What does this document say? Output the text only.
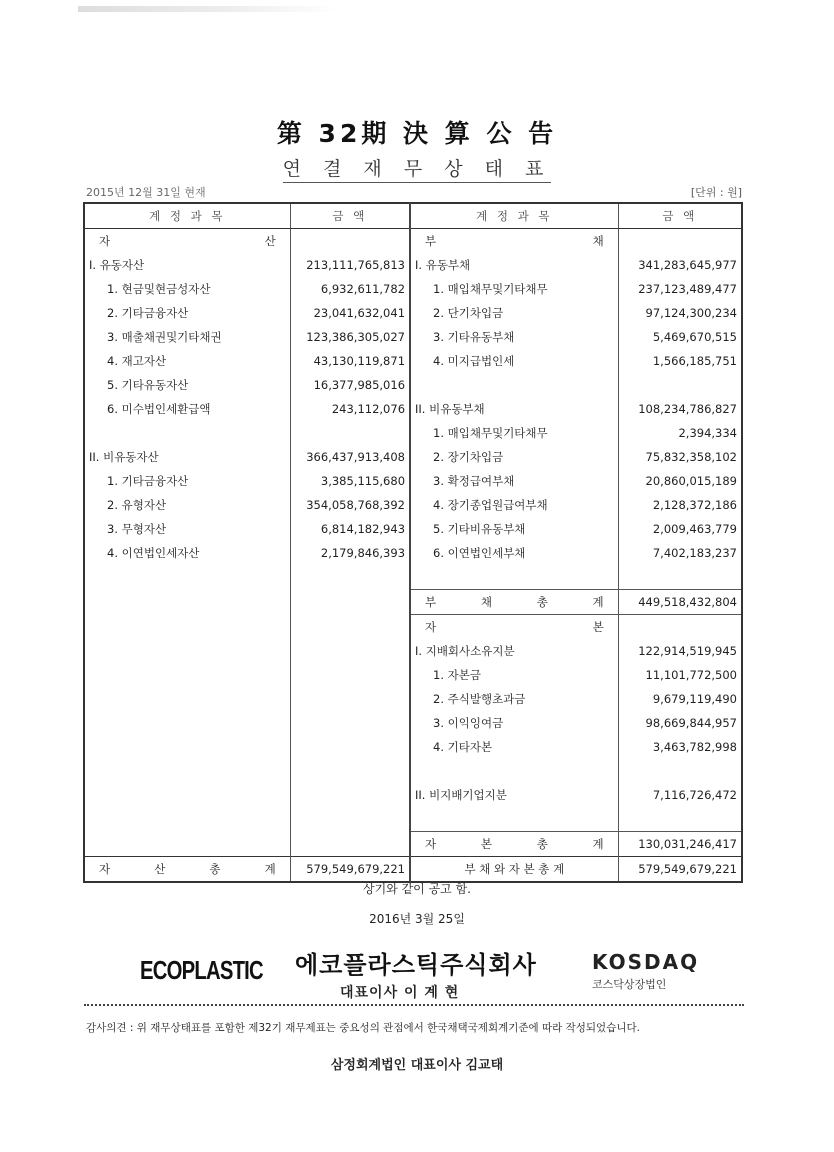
第 32期 決 算 公 告
연 결 재 무 상 태 표
2015년 12월 31일 현재	[단위 : 원]
계 정 과 목	금 액	계 정 과 목	금 액

자 산		부 채	

I. 유동자산	213,111,765,813	I. 유동부채	341,283,645,977
1. 현금및현금성자산	6,932,611,782	1. 매입채무및기타채무	237,123,489,477
2. 기타금융자산	23,041,632,041	2. 단기차입금	97,124,300,234
3. 매출채권및기타채권	123,386,305,027	3. 기타유동부채	5,469,670,515
4. 재고자산	43,130,119,871	4. 미지급법인세	1,566,185,751
5. 기타유동자산	16,377,985,016		
6. 미수법인세환급액	243,112,076	II. 비유동부채	108,234,786,827
		1. 매입채무및기타채무	2,394,334
II. 비유동자산	366,437,913,408	2. 장기차입금	75,832,358,102
1. 기타금융자산	3,385,115,680	3. 확정급여부채	20,860,015,189
2. 유형자산	354,058,768,392	4. 장기종업원급여부채	2,128,372,186
3. 무형자산	6,814,182,943	5. 기타비유동부채	2,009,463,779
4. 이연법인세자산	2,179,846,393	6. 이연법인세부채	7,402,183,237

		부 채 총 계	449,518,432,804

		자 본	

		I. 지배회사소유지분	122,914,519,945
		1. 자본금	11,101,772,500
		2. 주식발행초과금	9,679,119,490
		3. 이익잉여금	98,669,844,957
		4. 기타자본	3,463,782,998

		II. 비지배기업지분	7,116,726,472

		자 본 총 계	130,031,246,417

자 산 총 계	579,549,679,221	부 채 와 자 본 총 계	579,549,679,221
상기와 같이 공고 함.
2016년 3월 25일
ECOPLASTIC 에코플라스틱주식회사
대표이사 이 계 현
KOSDAQ
코스닥상장법인
감사의견 : 위 재무상태표를 포함한 제32기 재무제표는 중요성의 관점에서 한국채택국제회계기준에 따라 작성되었습니다.
삼정회계법인 대표이사 김교태
